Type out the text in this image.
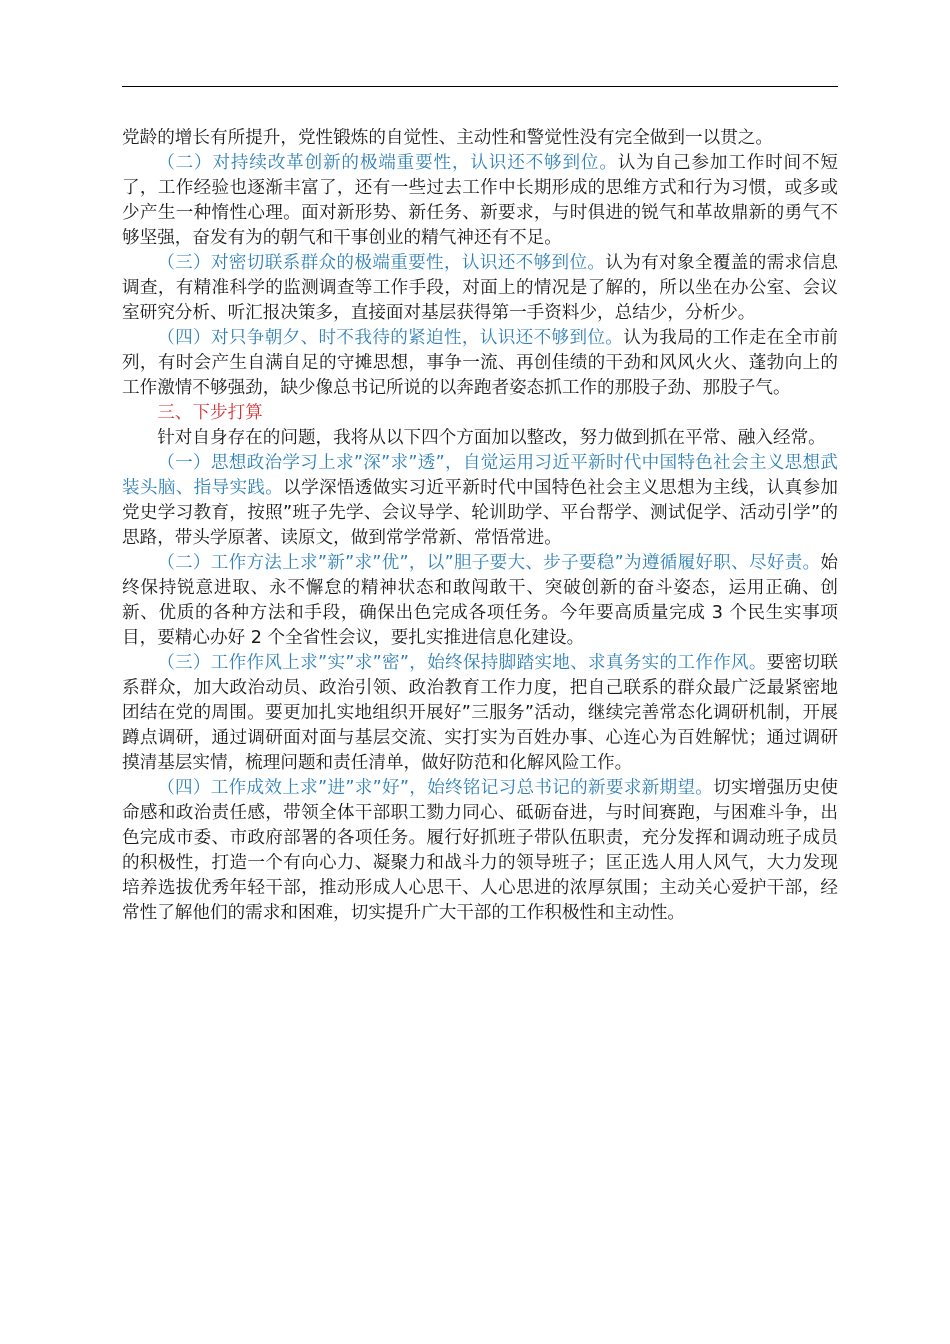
党龄的增长有所提升，党性锻炼的自觉性、主动性和警觉性没有完全做到一以贯之。

（二）对持续改革创新的极端重要性，认识还不够到位。认为自己参加工作时间不短了，工作经验也逐渐丰富了，还有一些过去工作中长期形成的思维方式和行为习惯，或多或少产生一种惰性心理。面对新形势、新任务、新要求，与时俱进的锐气和革故鼎新的勇气不够坚强，奋发有为的朝气和干事创业的精气神还有不足。

（三）对密切联系群众的极端重要性，认识还不够到位。认为有对象全覆盖的需求信息调查，有精准科学的监测调查等工作手段，对面上的情况是了解的，所以坐在办公室、会议室研究分析、听汇报决策多，直接面对基层获得第一手资料少，总结少，分析少。

（四）对只争朝夕、时不我待的紧迫性，认识还不够到位。认为我局的工作走在全市前列，有时会产生自满自足的守摊思想，事争一流、再创佳绩的干劲和风风火火、蓬勃向上的工作激情不够强劲，缺少像总书记所说的以奔跑者姿态抓工作的那股子劲、那股子气。

三、下步打算

针对自身存在的问题，我将从以下四个方面加以整改，努力做到抓在平常、融入经常。

（一）思想政治学习上求”深”求”透”，自觉运用习近平新时代中国特色社会主义思想武装头脑、指导实践。以学深悟透做实习近平新时代中国特色社会主义思想为主线，认真参加党史学习教育，按照”班子先学、会议导学、轮训助学、平台帮学、测试促学、活动引学”的思路，带头学原著、读原文，做到常学常新、常悟常进。

（二）工作方法上求”新”求”优”，以”胆子要大、步子要稳”为遵循履好职、尽好责。始终保持锐意进取、永不懈怠的精神状态和敢闯敢干、突破创新的奋斗姿态，运用正确、创新、优质的各种方法和手段，确保出色完成各项任务。今年要高质量完成 3 个民生实事项目，要精心办好 2 个全省性会议，要扎实推进信息化建设。

（三）工作作风上求”实”求”密”，始终保持脚踏实地、求真务实的工作作风。要密切联系群众，加大政治动员、政治引领、政治教育工作力度，把自己联系的群众最广泛最紧密地团结在党的周围。要更加扎实地组织开展好”三服务”活动，继续完善常态化调研机制，开展蹲点调研，通过调研面对面与基层交流、实打实为百姓办事、心连心为百姓解忧；通过调研摸清基层实情，梳理问题和责任清单，做好防范和化解风险工作。

（四）工作成效上求”进”求”好”，始终铭记习总书记的新要求新期望。切实增强历史使命感和政治责任感，带领全体干部职工勠力同心、砥砺奋进，与时间赛跑，与困难斗争，出色完成市委、市政府部署的各项任务。履行好抓班子带队伍职责，充分发挥和调动班子成员的积极性，打造一个有向心力、凝聚力和战斗力的领导班子；匡正选人用人风气，大力发现培养选拔优秀年轻干部，推动形成人心思干、人心思进的浓厚氛围；主动关心爱护干部，经常性了解他们的需求和困难，切实提升广大干部的工作积极性和主动性。
